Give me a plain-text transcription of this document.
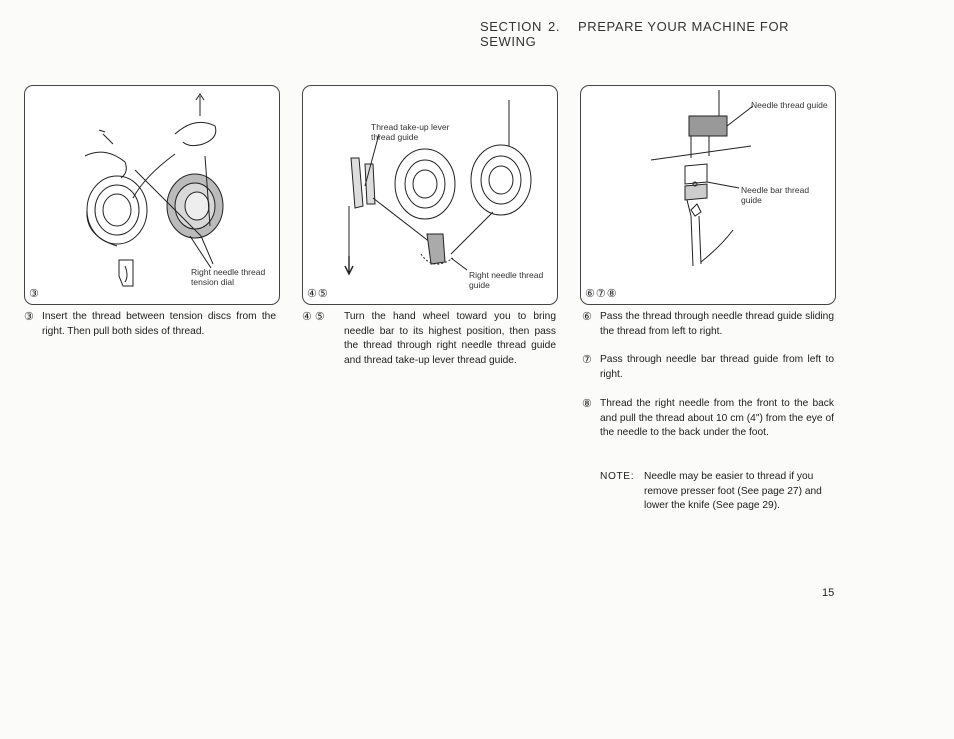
SECTION 2. PREPARE YOUR MACHINE FOR SEWING
Right needle thread tension dial
③
Thread take-up lever thread guide
Right needle thread guide
④⑤
Needle thread guide
Needle bar thread guide
⑥⑦⑧
③ Insert the thread between tension discs from the right. Then pull both sides of thread.
④ ⑤	Turn the hand wheel toward you to bring needle bar to its highest position, then pass the thread through right needle thread guide and thread take-up lever thread guide.
⑥ Pass the thread through needle thread guide sliding the thread from left to right.
⑦ Pass through needle bar thread guide from left to right.
⑧ Thread the right needle from the front to the back and pull the thread about 10 cm (4") from the eye of the needle to the back under the foot.
NOTE: Needle may be easier to thread if you remove presser foot (See page 27) and lower the knife (See page 29).
15
